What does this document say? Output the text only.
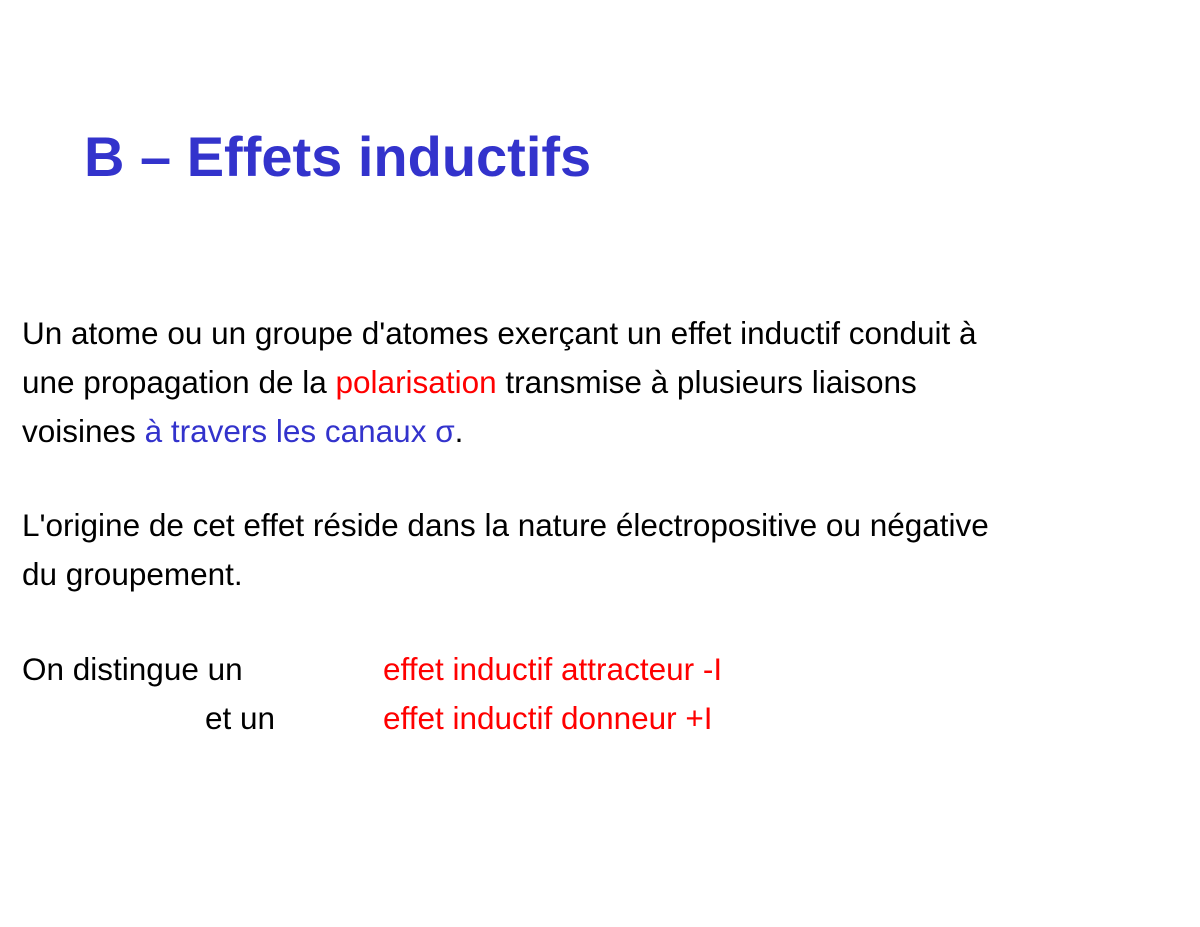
B – Effets inductifs
Un atome ou un groupe d'atomes exerçant un effet inductif conduit à
une propagation de la polarisation transmise à plusieurs liaisons
voisines à travers les canaux σ.
L'origine de cet effet réside dans la nature électropositive ou négative
du groupement.
On distingue un	effet inductif attracteur -I
et un	effet inductif donneur +I
